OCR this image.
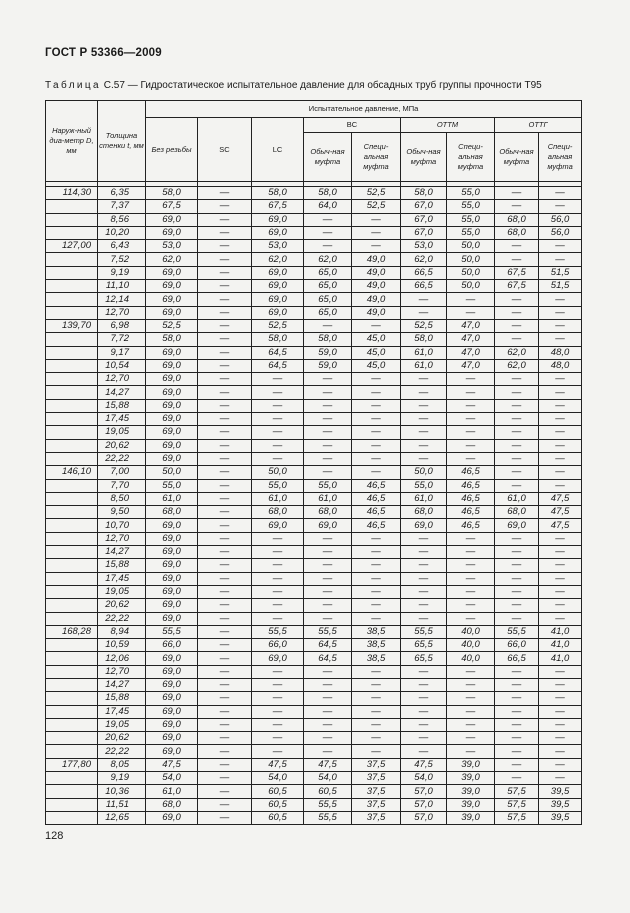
ГОСТ Р 53366—2009
Таблица С.57 — Гидростатическое испытательное давление для обсадных труб группы прочности T95
Наруж-ный диа-метр D, мм	Толщина стенки t, мм	Испытательное давление, МПа								
		Без резьбы	SC	LC	BC		ОТТМ		ОТТГ	
					Обыч-ная муфта	Специ-альная муфта	Обыч-ная муфта	Специ-альная муфта	Обыч-ная муфта	Специ-альная муфта

114,30	6,35	58,0	—	58,0	58,0	52,5	58,0	55,0	—	—
	7,37	67,5	—	67,5	64,0	52,5	67,0	55,0	—	—
	8,56	69,0	—	69,0	—	—	67,0	55,0	68,0	56,0
	10,20	69,0	—	69,0	—	—	67,0	55,0	68,0	56,0
127,00	6,43	53,0	—	53,0	—	—	53,0	50,0	—	—
	7,52	62,0	—	62,0	62,0	49,0	62,0	50,0	—	—
	9,19	69,0	—	69,0	65,0	49,0	66,5	50,0	67,5	51,5
	11,10	69,0	—	69,0	65,0	49,0	66,5	50,0	67,5	51,5
	12,14	69,0	—	69,0	65,0	49,0	—	—	—	—
	12,70	69,0	—	69,0	65,0	49,0	—	—	—	—
139,70	6,98	52,5	—	52,5	—	—	52,5	47,0	—	—
	7,72	58,0	—	58,0	58,0	45,0	58,0	47,0	—	—
	9,17	69,0	—	64,5	59,0	45,0	61,0	47,0	62,0	48,0
	10,54	69,0	—	64,5	59,0	45,0	61,0	47,0	62,0	48,0
	12,70	69,0	—	—	—	—	—	—	—	—
	14,27	69,0	—	—	—	—	—	—	—	—
	15,88	69,0	—	—	—	—	—	—	—	—
	17,45	69,0	—	—	—	—	—	—	—	—
	19,05	69,0	—	—	—	—	—	—	—	—
	20,62	69,0	—	—	—	—	—	—	—	—
	22,22	69,0	—	—	—	—	—	—	—	—
146,10	7,00	50,0	—	50,0	—	—	50,0	46,5	—	—
	7,70	55,0	—	55,0	55,0	46,5	55,0	46,5	—	—
	8,50	61,0	—	61,0	61,0	46,5	61,0	46,5	61,0	47,5
	9,50	68,0	—	68,0	68,0	46,5	68,0	46,5	68,0	47,5
	10,70	69,0	—	69,0	69,0	46,5	69,0	46,5	69,0	47,5
	12,70	69,0	—	—	—	—	—	—	—	—
	14,27	69,0	—	—	—	—	—	—	—	—
	15,88	69,0	—	—	—	—	—	—	—	—
	17,45	69,0	—	—	—	—	—	—	—	—
	19,05	69,0	—	—	—	—	—	—	—	—
	20,62	69,0	—	—	—	—	—	—	—	—
	22,22	69,0	—	—	—	—	—	—	—	—
168,28	8,94	55,5	—	55,5	55,5	38,5	55,5	40,0	55,5	41,0
	10,59	66,0	—	66,0	64,5	38,5	65,5	40,0	66,0	41,0
	12,06	69,0	—	69,0	64,5	38,5	65,5	40,0	66,5	41,0
	12,70	69,0	—	—	—	—	—	—	—	—
	14,27	69,0	—	—	—	—	—	—	—	—
	15,88	69,0	—	—	—	—	—	—	—	—
	17,45	69,0	—	—	—	—	—	—	—	—
	19,05	69,0	—	—	—	—	—	—	—	—
	20,62	69,0	—	—	—	—	—	—	—	—
	22,22	69,0	—	—	—	—	—	—	—	—
177,80	8,05	47,5	—	47,5	47,5	37,5	47,5	39,0	—	—
	9,19	54,0	—	54,0	54,0	37,5	54,0	39,0	—	—
	10,36	61,0	—	60,5	60,5	37,5	57,0	39,0	57,5	39,5
	11,51	68,0	—	60,5	55,5	37,5	57,0	39,0	57,5	39,5
	12,65	69,0	—	60,5	55,5	37,5	57,0	39,0	57,5	39,5
128
